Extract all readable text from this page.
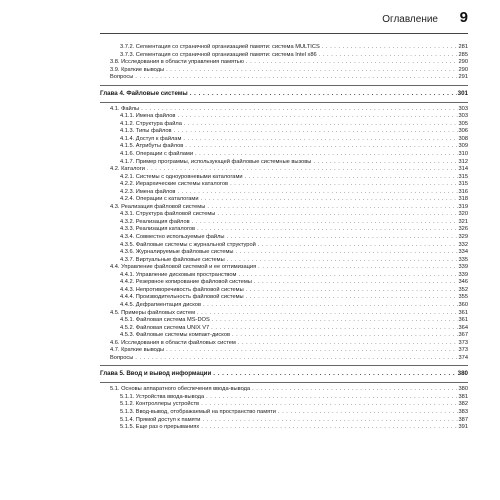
Оглавление 9
3.7.2. Сегментация со страничной организацией памяти: система MULTICS . . .	281
3.7.3. Сегментация со страничной организацией памяти: система Intel x86 . . .	285
3.8. Исследования в области управления памятью . . .	290
3.9. Краткие выводы . . .	290
Вопросы . . .	291
Глава 4. Файловые системы . . .	301
4.1. Файлы . . .	303
4.1.1. Имена файлов . . .	303
4.1.2. Структура файла . . .	305
4.1.3. Типы файлов . . .	306
4.1.4. Доступ к файлам . . .	308
4.1.5. Атрибуты файлов . . .	309
4.1.6. Операции с файлами . . .	310
4.1.7. Пример программы, использующей файловые системные вызовы . . .	312
4.2. Каталоги . . .	314
4.2.1. Системы с одноуровневыми каталогами . . .	315
4.2.2. Иерархические системы каталогов . . .	315
4.2.3. Имена файлов . . .	316
4.2.4. Операции с каталогами . . .	318
4.3. Реализация файловой системы . . .	319
4.3.1. Структура файловой системы . . .	320
4.3.2. Реализация файлов . . .	321
4.3.3. Реализация каталогов . . .	326
4.3.4. Совместно используемые файлы . . .	329
4.3.5. Файловые системы с журнальной структурой . . .	332
4.3.6. Журналируемые файловые системы . . .	334
4.3.7. Виртуальные файловые системы . . .	335
4.4. Управление файловой системой и ее оптимизация . . .	339
4.4.1. Управление дисковым пространством . . .	339
4.4.2. Резервное копирование файловой системы . . .	346
4.4.3. Непротиворечивость файловой системы . . .	352
4.4.4. Производительность файловой системы . . .	355
4.4.5. Дефрагментация дисков . . .	360
4.5. Примеры файловых систем . . .	361
4.5.1. Файловая система MS-DOS . . .	361
4.5.2. Файловая система UNIX V7 . . .	364
4.5.3. Файловые системы компакт-дисков . . .	367
4.6. Исследования в области файловых систем . . .	373
4.7. Краткие выводы . . .	373
Вопросы . . .	374
Глава 5. Ввод и вывод информации . . .	380
5.1. Основы аппаратного обеспечения ввода-вывода . . .	380
5.1.1. Устройства ввода-вывода . . .	381
5.1.2. Контроллеры устройств . . .	382
5.1.3. Ввод-вывод, отображаемый на пространство памяти . . .	383
5.1.4. Прямой доступ к памяти . . .	387
5.1.5. Еще раз о прерываниях . . .	391
